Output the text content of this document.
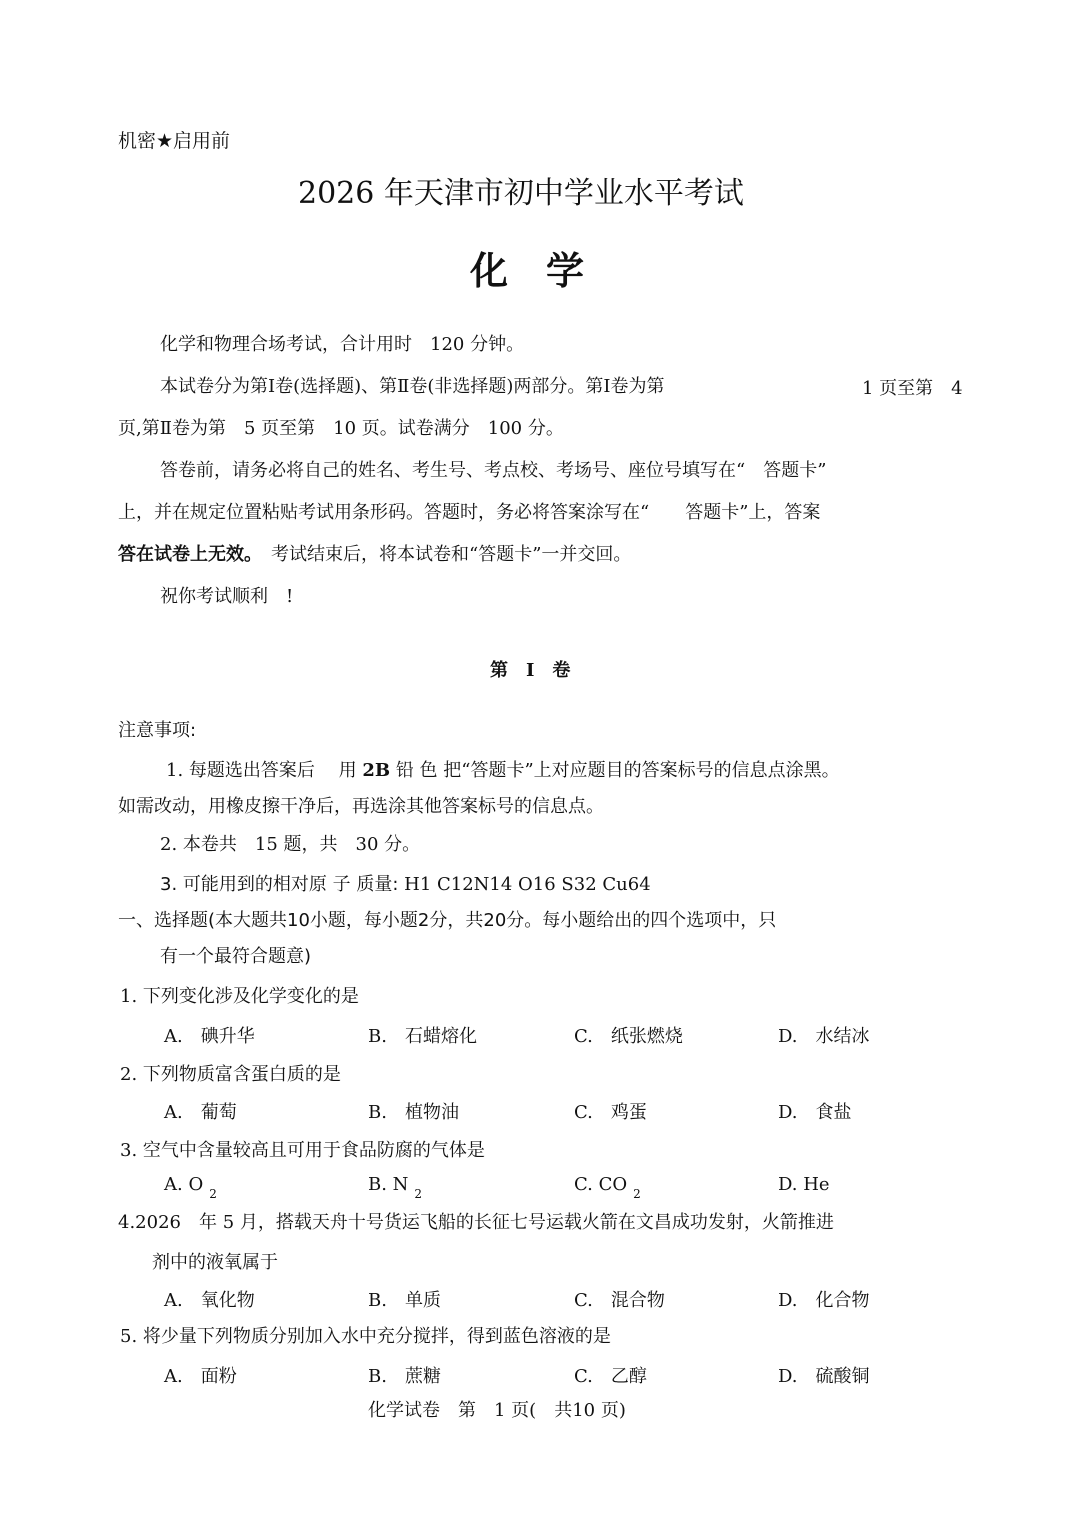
机密★启用前
2026 年天津市初中学业水平考试
化　学
化学和物理合场考试，合计用时　120 分钟。
本试卷分为第Ⅰ卷(选择题)、第Ⅱ卷(非选择题)两部分。第Ⅰ卷为第	1 页至第　4
页,第Ⅱ卷为第　5 页至第　10 页。试卷满分　100 分。
答卷前，请务必将自己的姓名、考生号、考点校、考场号、座位号填写在“　答题卡”
上，并在规定位置粘贴考试用条形码。答题时，务必将答案涂写在“　　答题卡”上，答案
答在试卷上无效。　考试结束后，将本试卷和“答题卡”一并交回。
祝你考试顺利　!
第　Ⅰ　卷
注意事项:
1. 每题选出答案后　 用 2B 铅 色 把“答题卡”上对应题目的答案标号的信息点涂黑。
如需改动，用橡皮擦干净后，再选涂其他答案标号的信息点。
2. 本卷共　15 题，共　30 分。
3. 可能用到的相对原 子 质量: H1 C12N14 O16 S32 Cu64
一、选择题(本大题共10小题，每小题2分，共20分。每小题给出的四个选项中，只
有一个最符合题意)
1. 下列变化涉及化学变化的是
A.　碘升华	B.　石蜡熔化	C.　纸张燃烧	D.　水结冰
2. 下列物质富含蛋白质的是
A.　葡萄	B.　植物油	C.　鸡蛋	D.　食盐
3. 空气中含量较高且可用于食品防腐的气体是
A. O $_2$	B. N $_2$	C. CO $_2$	D. He
4.2026　年 5 月，搭载天舟十号货运飞船的长征七号运载火箭在文昌成功发射，火箭推进
剂中的液氧属于
A.　氧化物	B.　单质	C.　混合物	D.　化合物
5. 将少量下列物质分别加入水中充分搅拌，得到蓝色溶液的是
A.　面粉	B.　蔗糖	C.　乙醇	D.　硫酸铜
化学试卷　第　1 页(　共10 页)
